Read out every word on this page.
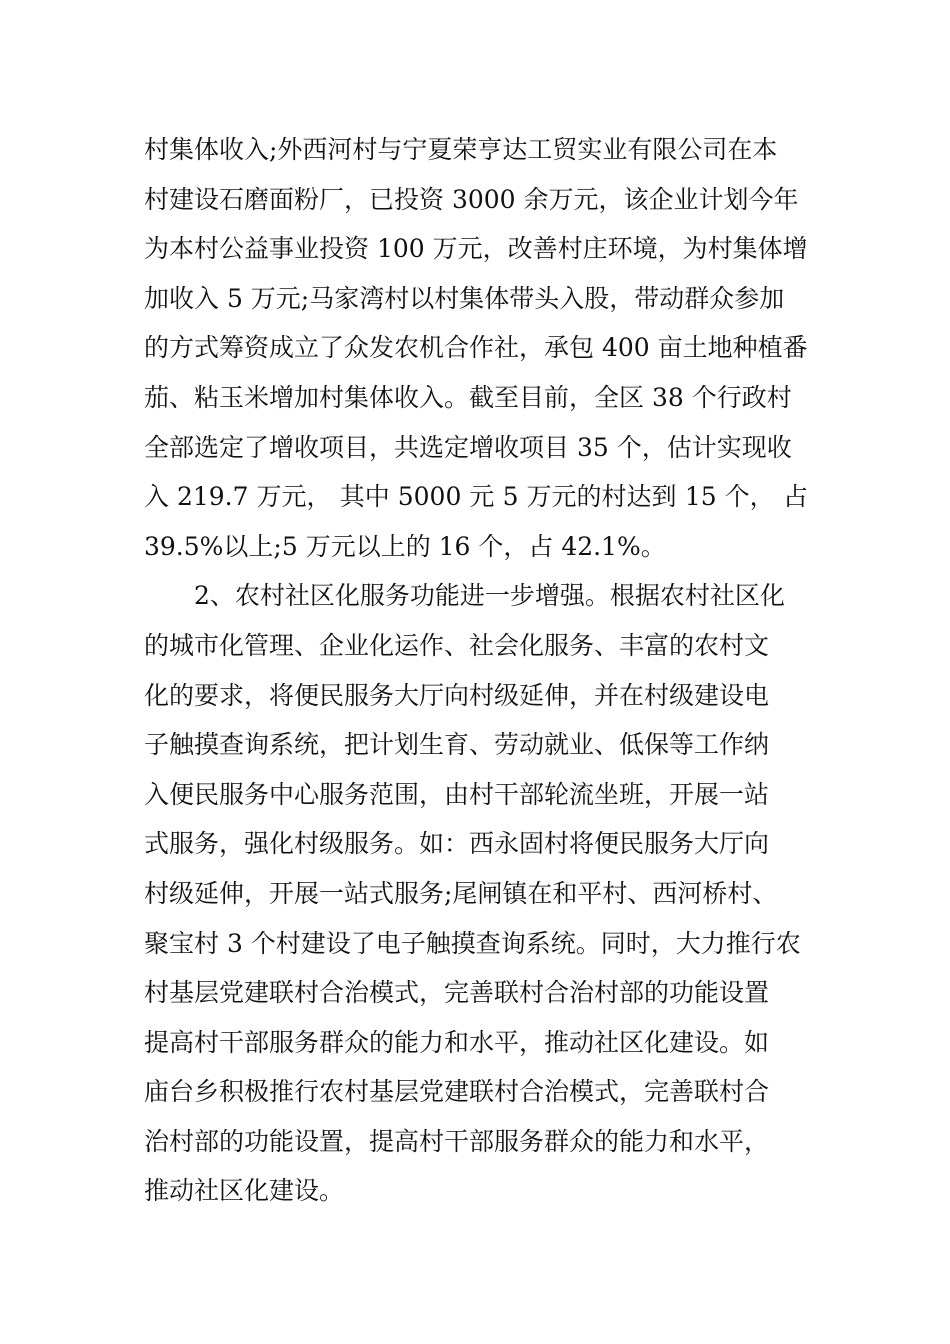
村集体收入;外西河村与宁夏荣亨达工贸实业有限公司在本
村建设石磨面粉厂，已投资 3000 余万元，该企业计划今年
为本村公益事业投资 100 万元，改善村庄环境，为村集体增
加收入 5 万元;马家湾村以村集体带头入股，带动群众参加
的方式筹资成立了众发农机合作社，承包 400 亩土地种植番
茄、粘玉米增加村集体收入。截至目前，全区 38 个行政村
全部选定了增收项目，共选定增收项目 35 个，估计实现收
入 219.7 万元， 其中 5000 元 5 万元的村达到 15 个， 占
39.5%以上;5 万元以上的 16 个，占 42.1%。
2、农村社区化服务功能进一步增强。根据农村社区化
的城市化管理、企业化运作、社会化服务、丰富的农村文
化的要求，将便民服务大厅向村级延伸，并在村级建设电
子触摸查询系统，把计划生育、劳动就业、低保等工作纳
入便民服务中心服务范围，由村干部轮流坐班，开展一站
式服务，强化村级服务。如：西永固村将便民服务大厅向
村级延伸，开展一站式服务;尾闸镇在和平村、西河桥村、
聚宝村 3 个村建设了电子触摸查询系统。同时，大力推行农
村基层党建联村合治模式，完善联村合治村部的功能设置
提高村干部服务群众的能力和水平，推动社区化建设。如
庙台乡积极推行农村基层党建联村合治模式，完善联村合
治村部的功能设置，提高村干部服务群众的能力和水平，
推动社区化建设。
